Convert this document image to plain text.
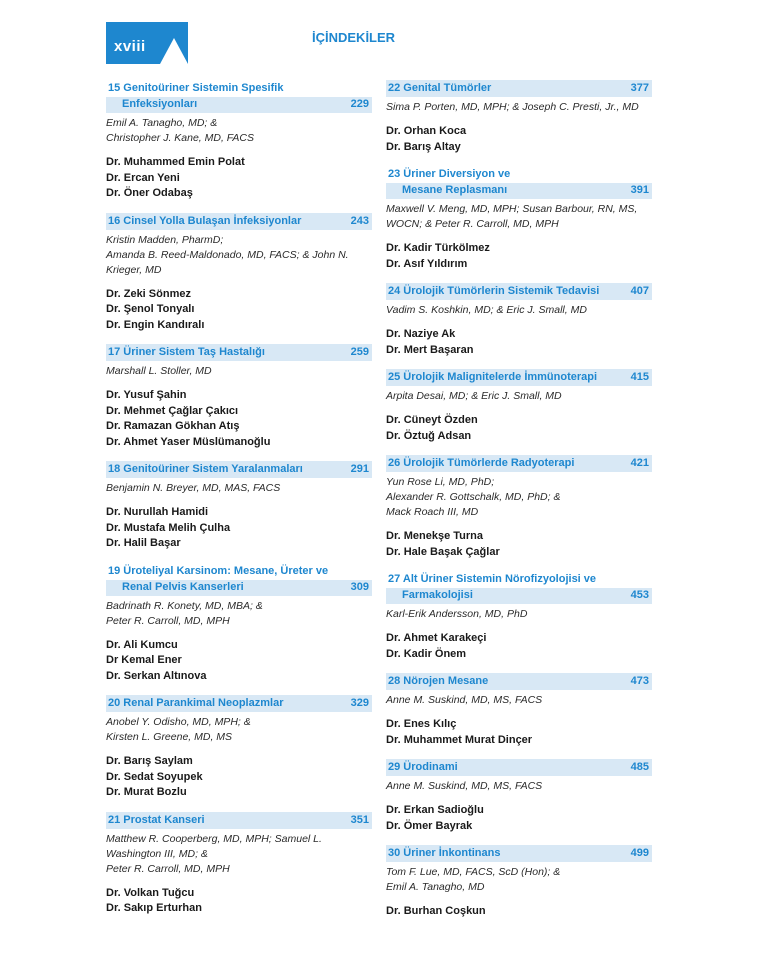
xviii
İÇİNDEKİLER
15 Genitoüriner Sistemin Spesifik
Enfeksiyonları	229
Emil A. Tanagho, MD; &
Christopher J. Kane, MD, FACS
Dr. Muhammed Emin Polat
Dr. Ercan Yeni
Dr. Öner Odabaş
16 Cinsel Yolla Bulaşan İnfeksiyonlar	243
Kristin Madden, PharmD;
Amanda B. Reed-Maldonado, MD, FACS; & John N.
Krieger, MD
Dr. Zeki Sönmez
Dr. Şenol Tonyalı
Dr. Engin Kandıralı
17 Üriner Sistem Taş Hastalığı	259
Marshall L. Stoller, MD
Dr. Yusuf Şahin
Dr. Mehmet Çağlar Çakıcı
Dr. Ramazan Gökhan Atış
Dr. Ahmet Yaser Müslümanoğlu
18 Genitoüriner Sistem Yaralanmaları	291
Benjamin N. Breyer, MD, MAS, FACS
Dr. Nurullah Hamidi
Dr. Mustafa Melih Çulha
Dr. Halil Başar
19 Üroteliyal Karsinom: Mesane, Üreter ve
Renal Pelvis Kanserleri	309
Badrinath R. Konety, MD, MBA; &
Peter R. Carroll, MD, MPH
Dr. Ali Kumcu
Dr Kemal Ener
Dr. Serkan Altınova
20 Renal Parankimal Neoplazmlar	329
Anobel Y. Odisho, MD, MPH; &
Kirsten L. Greene, MD, MS
Dr. Barış Saylam
Dr. Sedat Soyupek
Dr. Murat Bozlu
21 Prostat Kanseri	351
Matthew R. Cooperberg, MD, MPH; Samuel L.
Washington III, MD; &
Peter R. Carroll, MD, MPH
Dr. Volkan Tuğcu
Dr. Sakıp Erturhan
22 Genital Tümörler	377
Sima P. Porten, MD, MPH; & Joseph C. Presti, Jr., MD
Dr. Orhan Koca
Dr. Barış Altay
23 Üriner Diversiyon ve
Mesane Replasmanı	391
Maxwell V. Meng, MD, MPH; Susan Barbour, RN, MS,
WOCN; & Peter R. Carroll, MD, MPH
Dr. Kadir Türkölmez
Dr. Asıf Yıldırım
24 Ürolojik Tümörlerin Sistemik Tedavisi	407
Vadim S. Koshkin, MD; & Eric J. Small, MD
Dr. Naziye Ak
Dr. Mert Başaran
25 Ürolojik Malignitelerde İmmünoterapi	415
Arpita Desai, MD; & Eric J. Small, MD
Dr. Cüneyt Özden
Dr. Öztuğ Adsan
26 Ürolojik Tümörlerde Radyoterapi	421
Yun Rose Li, MD, PhD;
Alexander R. Gottschalk, MD, PhD; &
Mack Roach III, MD
Dr. Menekşe Turna
Dr. Hale Başak Çağlar
27 Alt Üriner Sistemin Nörofizyolojisi ve
Farmakolojisi	453
Karl-Erik Andersson, MD, PhD
Dr. Ahmet Karakeçi
Dr. Kadir Önem
28 Nörojen Mesane	473
Anne M. Suskind, MD, MS, FACS
Dr. Enes Kılıç
Dr. Muhammet Murat Dinçer
29 Ürodinami	485
Anne M. Suskind, MD, MS, FACS
Dr. Erkan Sadioğlu
Dr. Ömer Bayrak
30 Üriner İnkontinans	499
Tom F. Lue, MD, FACS, ScD (Hon); &
Emil A. Tanagho, MD
Dr. Burhan Coşkun
